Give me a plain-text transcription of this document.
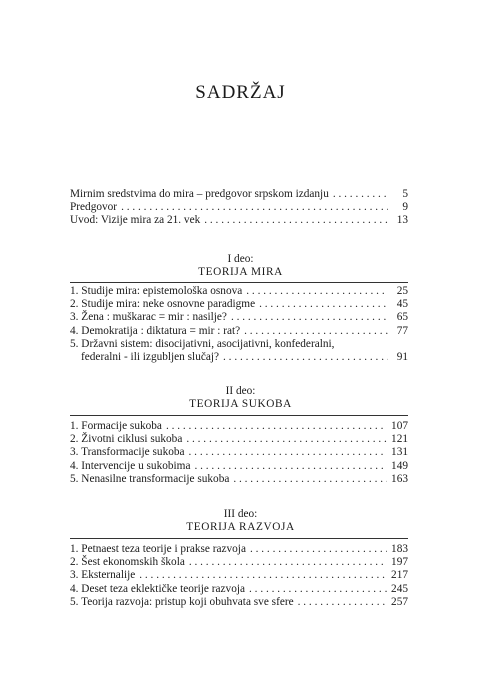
SADRŽAJ
Mirnim sredstvima do mira – predgovor srpskom izdanju . . .	5
Predgovor . . .	9
Uvod: Vizije mira za 21. vek . . .	13
I deo:
TEORIJA MIRA
1. Studije mira: epistemološka osnova . . .	25
2. Studije mira: neke osnovne paradigme . . .	45
3. Žena : muškarac = mir : nasilje? . . .	65
4. Demokratija : diktatura = mir : rat? . . .	77
5. Državni sistem: disocijativni, asocijativni, konfederalni,
federalni - ili izgubljen slučaj? . . .	91
II deo:
TEORIJA SUKOBA
1. Formacije sukoba . . .	107
2. Životni ciklusi sukoba . . .	121
3. Transformacije sukoba . . .	131
4. Intervencije u sukobima . . .	149
5. Nenasilne transformacije sukoba . . .	163
III deo:
TEORIJA RAZVOJA
1. Petnaest teza teorije i prakse razvoja . . .	183
2. Šest ekonomskih škola . . .	197
3. Eksternalije . . .	217
4. Deset teza eklektičke teorije razvoja . . .	245
5. Teorija razvoja: pristup koji obuhvata sve sfere . . .	257
